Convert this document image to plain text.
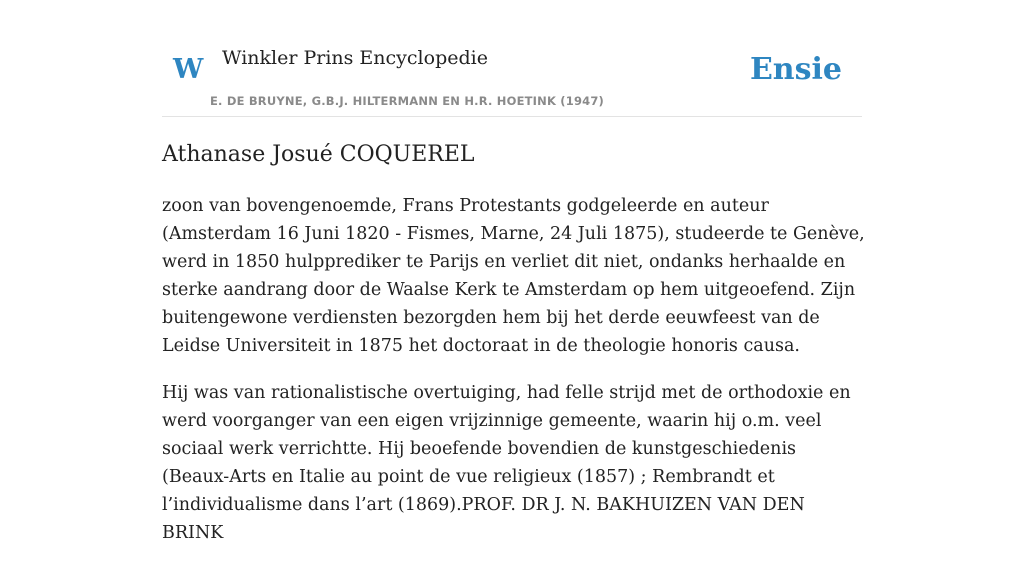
W Winkler Prins Encyclopedie
E. DE BRUYNE, G.B.J. HILTERMANN EN H.R. HOETINK (1947)
Ensie
Athanase Josué COQUEREL

zoon van bovengenoemde, Frans Protestants godgeleerde en auteur (Amsterdam 16 Juni 1820 - Fismes, Marne, 24 Juli 1875), studeerde te Genève, werd in 1850 hulpprediker te Parijs en verliet dit niet, ondanks herhaalde en sterke aandrang door de Waalse Kerk te Amsterdam op hem uitgeoefend. Zijn buitengewone verdiensten bezorgden hem bij het derde eeuwfeest van de Leidse Universiteit in 1875 het doctoraat in de theologie honoris causa.

Hij was van rationalistische overtuiging, had felle strijd met de orthodoxie en werd voorganger van een eigen vrijzinnige gemeente, waarin hij o.m. veel sociaal werk verrichtte. Hij beoefende bovendien de kunstgeschiedenis (Beaux-Arts en Italie au point de vue religieux (1857) ; Rembrandt et l’individualisme dans l’art (1869).PROF. DR J. N. BAKHUIZEN VAN DEN BRINK
